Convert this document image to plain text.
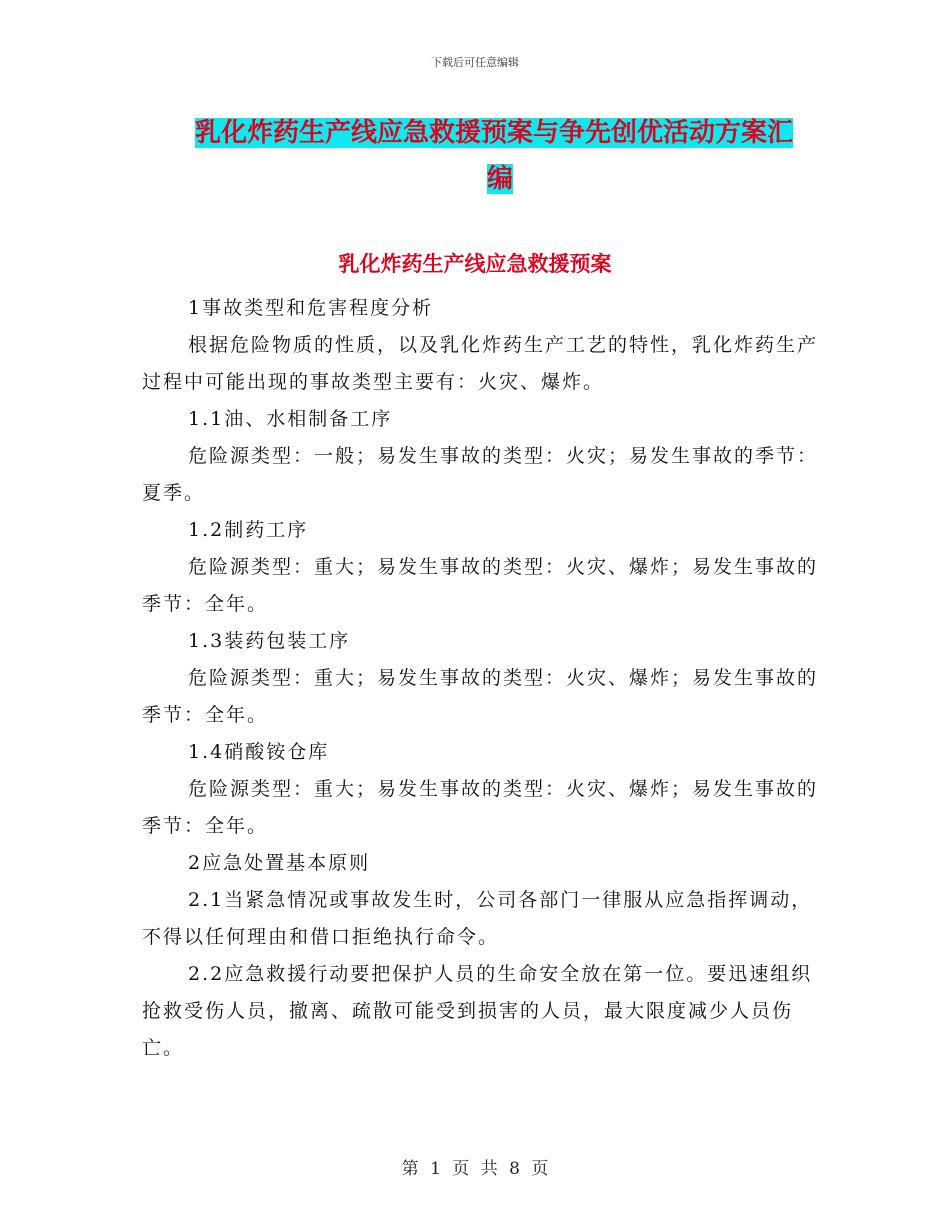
下载后可任意编辑
乳化炸药生产线应急救援预案与争先创优活动方案汇
编
乳化炸药生产线应急救援预案

1事故类型和危害程度分析

根据危险物质的性质，以及乳化炸药生产工艺的特性，乳化炸药生产过程中可能出现的事故类型主要有：火灾、爆炸。

1.1油、水相制备工序

危险源类型：一般；易发生事故的类型：火灾；易发生事故的季节：夏季。

1.2制药工序

危险源类型：重大；易发生事故的类型：火灾、爆炸；易发生事故的季节：全年。

1.3装药包装工序

危险源类型：重大；易发生事故的类型：火灾、爆炸；易发生事故的季节：全年。

1.4硝酸铵仓库

危险源类型：重大；易发生事故的类型：火灾、爆炸；易发生事故的季节：全年。

2应急处置基本原则

2.1当紧急情况或事故发生时，公司各部门一律服从应急指挥调动，不得以任何理由和借口拒绝执行命令。

2.2应急救援行动要把保护人员的生命安全放在第一位。要迅速组织抢救受伤人员，撤离、疏散可能受到损害的人员，最大限度减少人员伤亡。

第 1 页 共 8 页
